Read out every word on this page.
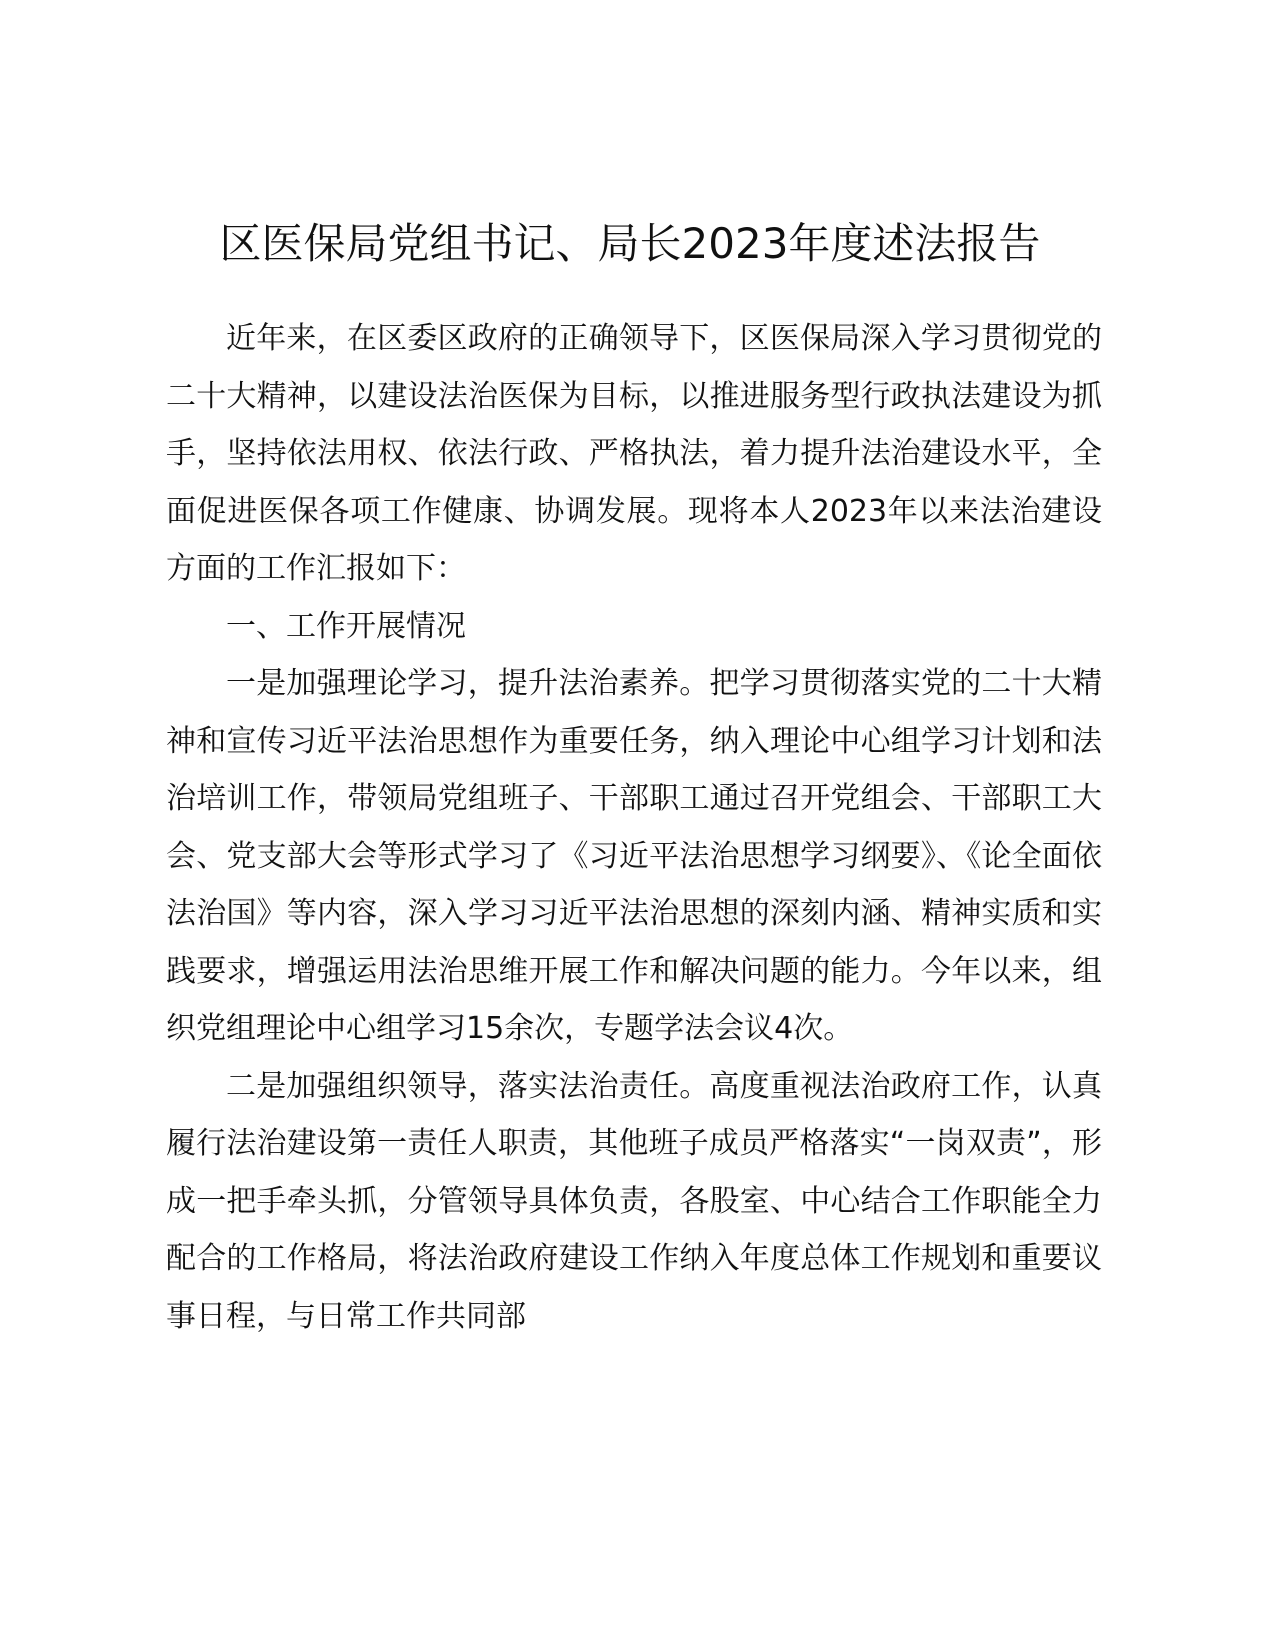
区医保局党组书记、局长2023年度述法报告

近年来，在区委区政府的正确领导下，区医保局深入学习贯彻党的二十大精神，以建设法治医保为目标，以推进服务型行政执法建设为抓手，坚持依法用权、依法行政、严格执法，着力提升法治建设水平，全面促进医保各项工作健康、协调发展。现将本人2023年以来法治建设方面的工作汇报如下：

一、工作开展情况

一是加强理论学习，提升法治素养。把学习贯彻落实党的二十大精神和宣传习近平法治思想作为重要任务，纳入理论中心组学习计划和法治培训工作，带领局党组班子、干部职工通过召开党组会、干部职工大会、党支部大会等形式学习了《习近平法治思想学习纲要》、《论全面依法治国》等内容，深入学习习近平法治思想的深刻内涵、精神实质和实践要求，增强运用法治思维开展工作和解决问题的能力。今年以来，组织党组理论中心组学习15余次，专题学法会议4次。

二是加强组织领导，落实法治责任。高度重视法治政府工作，认真履行法治建设第一责任人职责，其他班子成员严格落实“一岗双责”，形成一把手牵头抓，分管领导具体负责，各股室、中心结合工作职能全力配合的工作格局，将法治政府建设工作纳入年度总体工作规划和重要议事日程，与日常工作共同部
